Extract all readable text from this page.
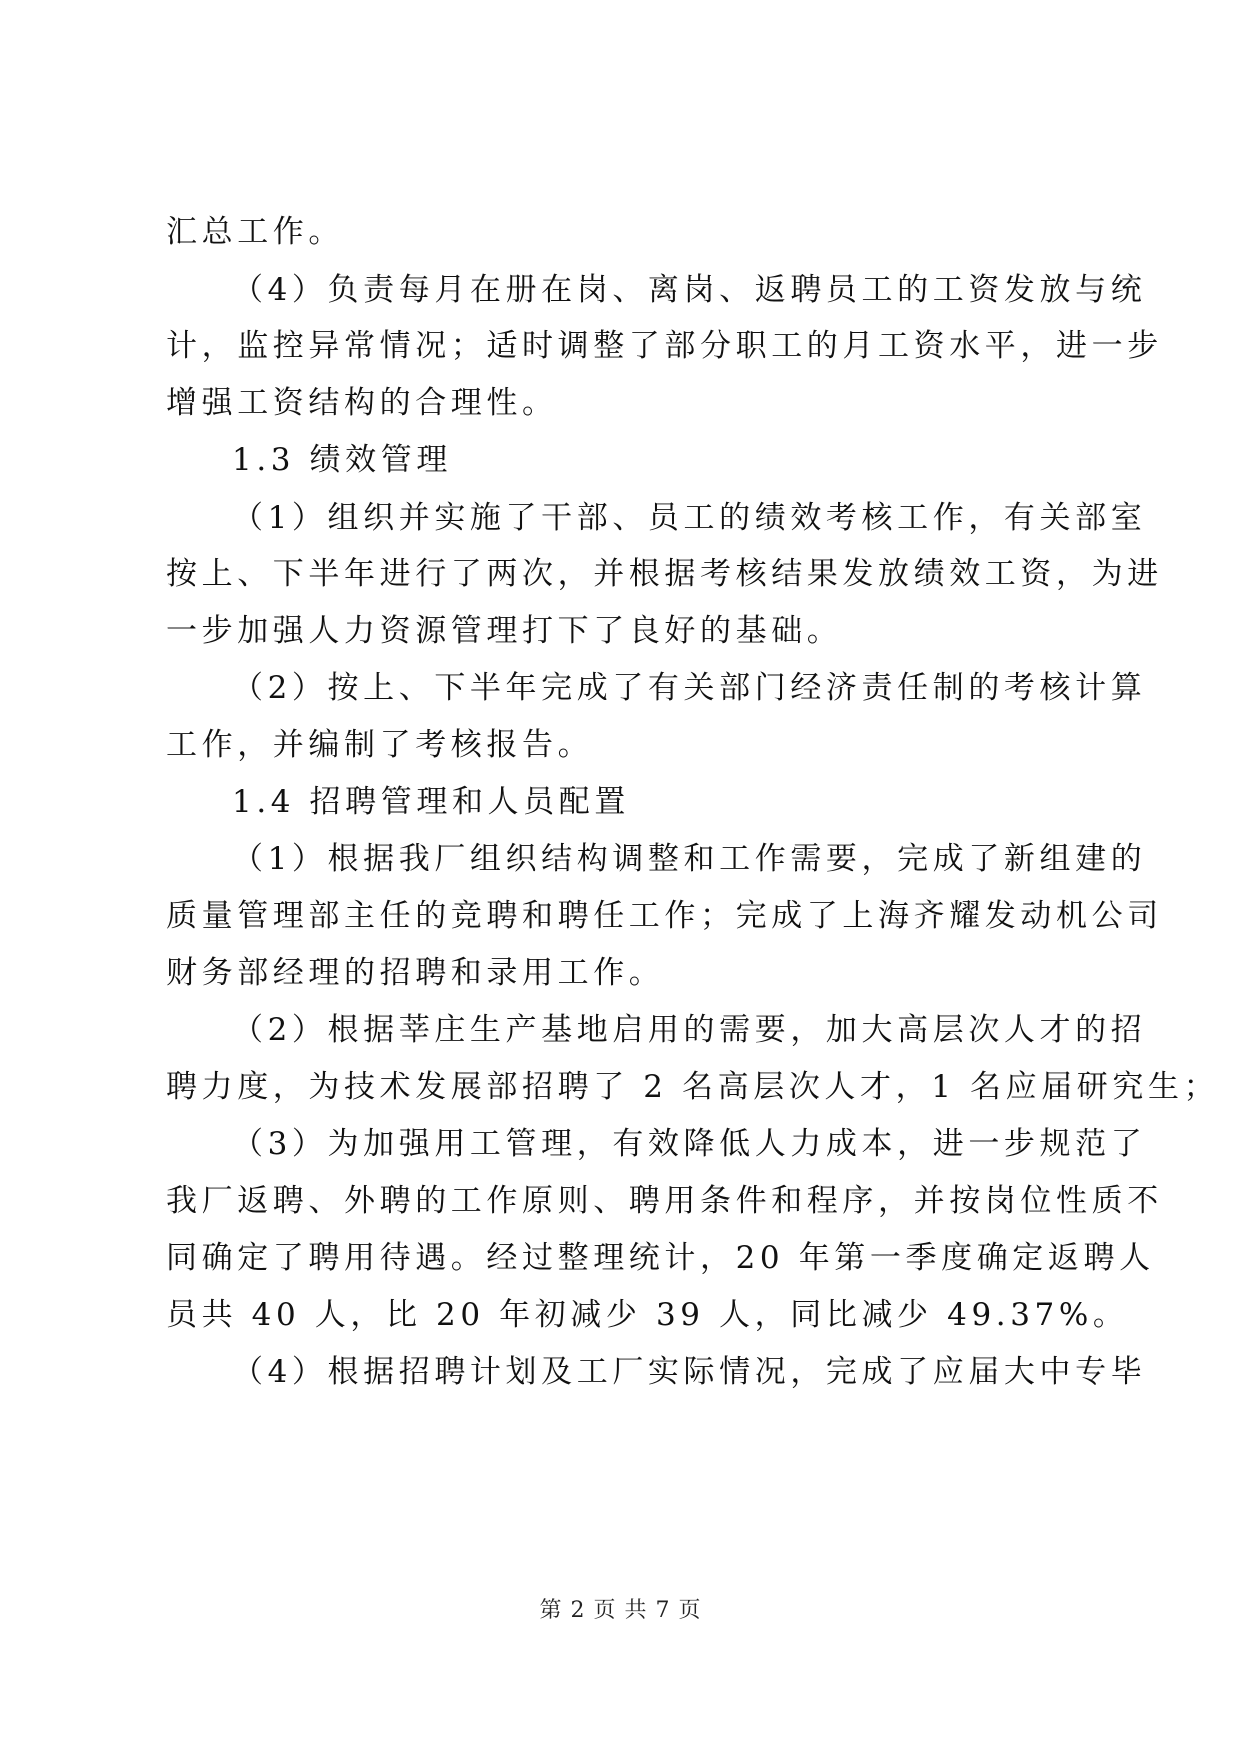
汇总工作。
（4）负责每月在册在岗、离岗、返聘员工的工资发放与统
计，监控异常情况；适时调整了部分职工的月工资水平，进一步
增强工资结构的合理性。
1.3 绩效管理
（1）组织并实施了干部、员工的绩效考核工作，有关部室
按上、下半年进行了两次，并根据考核结果发放绩效工资，为进
一步加强人力资源管理打下了良好的基础。
（2）按上、下半年完成了有关部门经济责任制的考核计算
工作，并编制了考核报告。
1.4 招聘管理和人员配置
（1）根据我厂组织结构调整和工作需要，完成了新组建的
质量管理部主任的竞聘和聘任工作；完成了上海齐耀发动机公司
财务部经理的招聘和录用工作。
（2）根据莘庄生产基地启用的需要，加大高层次人才的招
聘力度，为技术发展部招聘了 2 名高层次人才，1 名应届研究生；
（3）为加强用工管理，有效降低人力成本，进一步规范了
我厂返聘、外聘的工作原则、聘用条件和程序，并按岗位性质不
同确定了聘用待遇。经过整理统计，20 年第一季度确定返聘人
员共 40 人，比 20 年初减少 39 人，同比减少 49.37%。
（4）根据招聘计划及工厂实际情况，完成了应届大中专毕
第 2 页 共 7 页
